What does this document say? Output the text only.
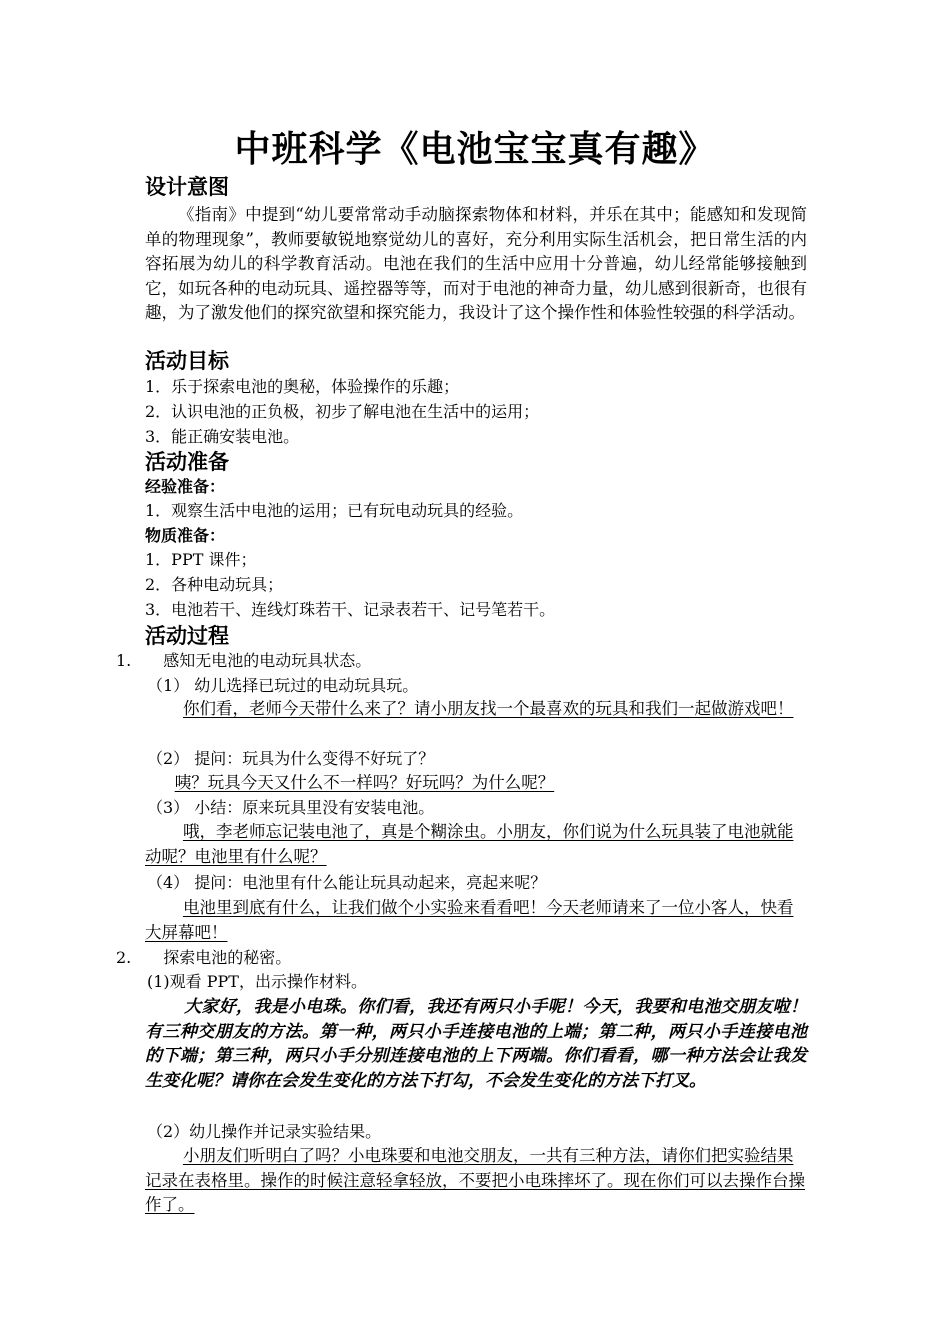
中班科学《电池宝宝真有趣》
设计意图
《指南》中提到“幼儿要常常动手动脑探索物体和材料，并乐在其中；能感知和发现简单的物理现象”，教师要敏锐地察觉幼儿的喜好，充分利用实际生活机会，把日常生活的内容拓展为幼儿的科学教育活动。电池在我们的生活中应用十分普遍，幼儿经常能够接触到它，如玩各种的电动玩具、遥控器等等，而对于电池的神奇力量，幼儿感到很新奇，也很有趣，为了激发他们的探究欲望和探究能力，我设计了这个操作性和体验性较强的科学活动。
活动目标
1．乐于探索电池的奥秘，体验操作的乐趣；
2．认识电池的正负极，初步了解电池在生活中的运用；
3．能正确安装电池。
活动准备
经验准备：
1．观察生活中电池的运用；已有玩电动玩具的经验。
物质准备：
1．PPT 课件；
2．各种电动玩具；
3．电池若干、连线灯珠若干、记录表若干、记号笔若干。
活动过程
1.　　感知无电池的电动玩具状态。
（1） 幼儿选择已玩过的电动玩具玩。
你们看，老师今天带什么来了？请小朋友找一个最喜欢的玩具和我们一起做游戏吧！
（2） 提问：玩具为什么变得不好玩了？
咦？玩具今天又什么不一样吗？好玩吗？为什么呢？
（3） 小结：原来玩具里没有安装电池。
哦，李老师忘记装电池了，真是个糊涂虫。小朋友，你们说为什么玩具装了电池就能动呢？电池里有什么呢？
（4） 提问：电池里有什么能让玩具动起来，亮起来呢？
电池里到底有什么，让我们做个小实验来看看吧！今天老师请来了一位小客人，快看大屏幕吧！
2.　　探索电池的秘密。
(1)观看 PPT，出示操作材料。
大家好，我是小电珠。你们看，我还有两只小手呢！今天，我要和电池交朋友啦！有三种交朋友的方法。第一种，两只小手连接电池的上端；第二种，两只小手连接电池的下端；第三种，两只小手分别连接电池的上下两端。你们看看，哪一种方法会让我发生变化呢？请你在会发生变化的方法下打勾，不会发生变化的方法下打叉。
（2）幼儿操作并记录实验结果。
小朋友们听明白了吗？小电珠要和电池交朋友，一共有三种方法，请你们把实验结果记录在表格里。操作的时候注意轻拿轻放，不要把小电珠摔坏了。现在你们可以去操作台操作了。
